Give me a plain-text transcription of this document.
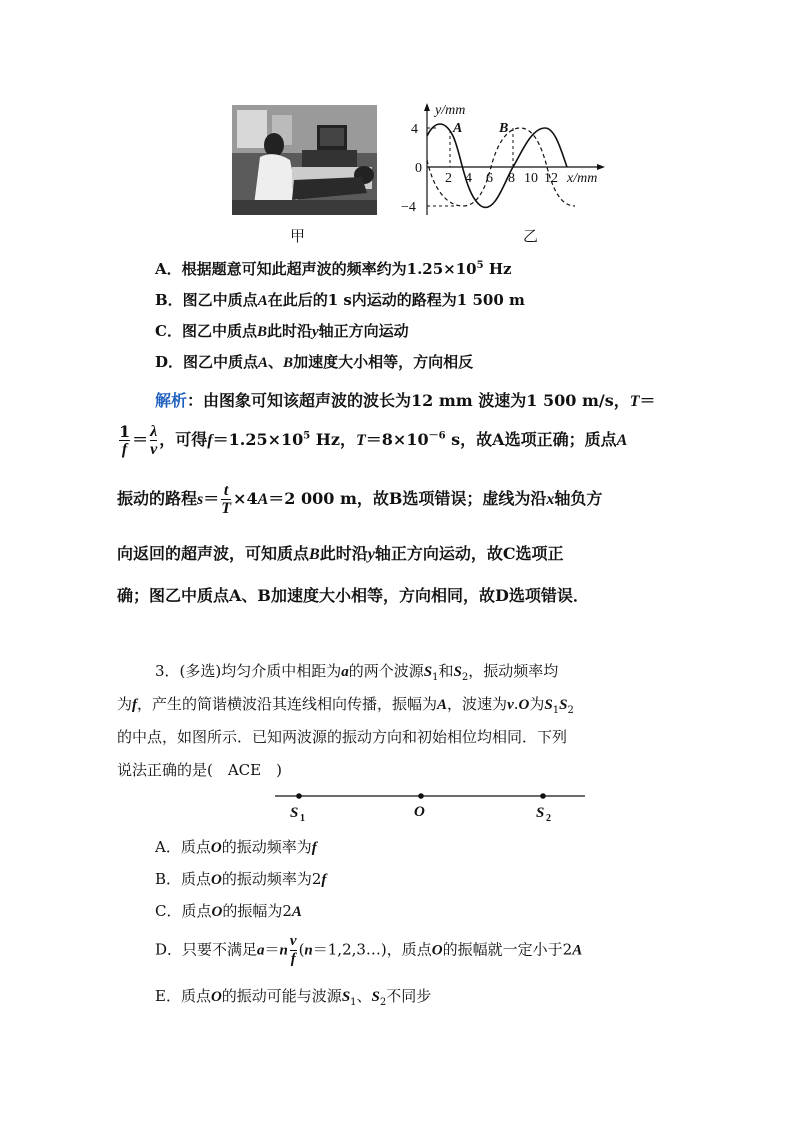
甲
y/mm
x/mm
4
0
−4
2 4 6 8 10 12
A	B
乙
A．根据题意可知此超声波的频率约为$1.25\times 10^5$ Hz
B．图乙中质点A在此后的1 s内运动的路程为1 500 m
C．图乙中质点B此时沿y轴正方向运动
D．图乙中质点A、B加速度大小相等，方向相反
解析：由图象可知该超声波的波长为12 mm 波速为1 500 m/s，T＝
$\frac{1}{f} = \frac{\lambda}{v}$ ，可得$f=1.25\times 10^5$ Hz，$T=8\times 10^{-6}$ s，故A选项正确；质点A
振动的路程$s= \frac{t}{T} \times 4A=2$ 000 m，故B选项错误；虚线为沿x轴负方
向返回的超声波，可知质点B此时沿y轴正方向运动，故C选项正
确；图乙中质点A、B加速度大小相等，方向相同，故D选项错误．
3．(多选)均匀介质中相距为a的两个波源$S_1$和$S_2$，振动频率均
为f，产生的简谐横波沿其连线相向传播，振幅为A，波速为v.O为$S_1S_2$
的中点，如图所示．已知两波源的振动方向和初始相位均相同．下列
说法正确的是(　ACE　)
S 1	O	S 2
A．质点O的振动频率为f
B．质点O的振动频率为2f
C．质点O的振幅为2A
D．只要不满足$a=n \frac{v}{f}$ (n＝1,2,3…)，质点O的振幅就一定小于2A
E．质点O的振动可能与波源$S_1$、$S_2$不同步
